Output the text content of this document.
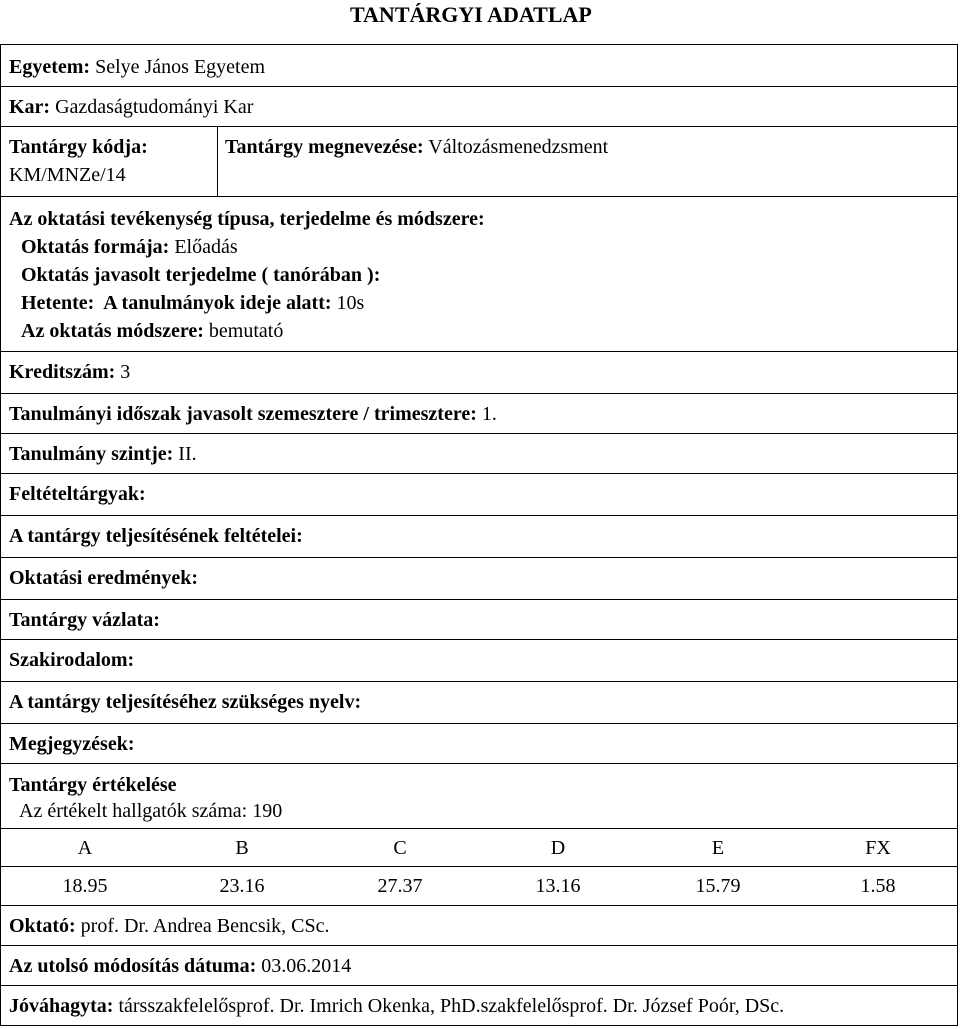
TANTÁRGYI ADATLAP
Egyetem: Selye János Egyetem
Kar: Gazdaságtudományi Kar
Tantárgy kódja:
KM/MNZe/14
Tantárgy megnevezése: Változásmenedzsment
Az oktatási tevékenység típusa, terjedelme és módszere:
Oktatás formája: Előadás
Oktatás javasolt terjedelme ( tanórában ):
Hetente:  A tanulmányok ideje alatt: 10s
Az oktatás módszere: bemutató
Kreditszám: 3
Tanulmányi időszak javasolt szemesztere / trimesztere: 1.
Tanulmány szintje: II.
Feltételtárgyak:
A tantárgy teljesítésének feltételei:
Oktatási eredmények:
Tantárgy vázlata:
Szakirodalom:
A tantárgy teljesítéséhez szükséges nyelv:
Megjegyzések:
Tantárgy értékelése
Az értékelt hallgatók száma: 190
A	B	C	D	E	FX
18.95	23.16	27.37	13.16	15.79	1.58
Oktató: prof. Dr. Andrea Bencsik, CSc.
Az utolsó módosítás dátuma: 03.06.2014
Jóváhagyta: társszakfelelősprof. Dr. Imrich Okenka, PhD.szakfelelősprof. Dr. József Poór, DSc.
